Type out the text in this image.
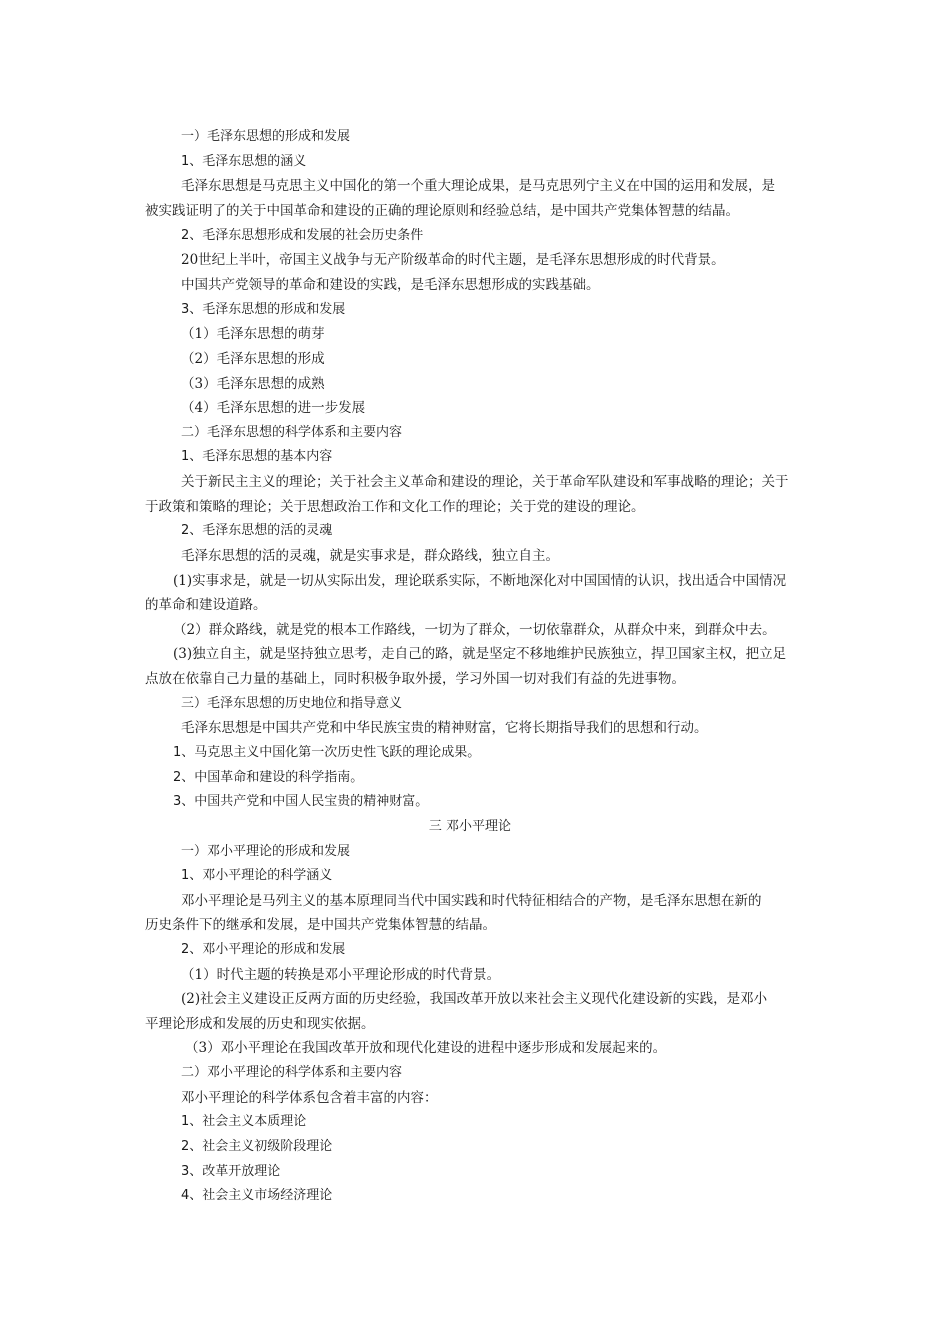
一）毛泽东思想的形成和发展
1、毛泽东思想的涵义
毛泽东思想是马克思主义中国化的第一个重大理论成果，是马克思列宁主义在中国的运用和发展，是
被实践证明了的关于中国革命和建设的正确的理论原则和经验总结，是中国共产党集体智慧的结晶。
2、毛泽东思想形成和发展的社会历史条件
20世纪上半叶，帝国主义战争与无产阶级革命的时代主题，是毛泽东思想形成的时代背景。
中国共产党领导的革命和建设的实践，是毛泽东思想形成的实践基础。
3、毛泽东思想的形成和发展
（1）毛泽东思想的萌芽
（2）毛泽东思想的形成
（3）毛泽东思想的成熟
（4）毛泽东思想的进一步发展
二）毛泽东思想的科学体系和主要内容
1、毛泽东思想的基本内容
关于新民主主义的理论；关于社会主义革命和建设的理论，关于革命军队建设和军事战略的理论；关于
于政策和策略的理论；关于思想政治工作和文化工作的理论；关于党的建设的理论。
2、毛泽东思想的活的灵魂
毛泽东思想的活的灵魂，就是实事求是，群众路线，独立自主。
(1)实事求是，就是一切从实际出发，理论联系实际，不断地深化对中国国情的认识，找出适合中国情况
的革命和建设道路。
（2）群众路线，就是党的根本工作路线，一切为了群众，一切依靠群众，从群众中来，到群众中去。
(3)独立自主，就是坚持独立思考，走自己的路，就是坚定不移地维护民族独立，捍卫国家主权，把立足
点放在依靠自己力量的基础上，同时积极争取外援，学习外国一切对我们有益的先进事物。
三）毛泽东思想的历史地位和指导意义
毛泽东思想是中国共产党和中华民族宝贵的精神财富，它将长期指导我们的思想和行动。
1、马克思主义中国化第一次历史性飞跃的理论成果。
2、中国革命和建设的科学指南。
3、中国共产党和中国人民宝贵的精神财富。
三 邓小平理论
一）邓小平理论的形成和发展
1、邓小平理论的科学涵义
邓小平理论是马列主义的基本原理同当代中国实践和时代特征相结合的产物，是毛泽东思想在新的
历史条件下的继承和发展，是中国共产党集体智慧的结晶。
2、邓小平理论的形成和发展
（1）时代主题的转换是邓小平理论形成的时代背景。
(2)社会主义建设正反两方面的历史经验，我国改革开放以来社会主义现代化建设新的实践，是邓小
平理论形成和发展的历史和现实依据。
（3）邓小平理论在我国改革开放和现代化建设的进程中逐步形成和发展起来的。
二）邓小平理论的科学体系和主要内容
邓小平理论的科学体系包含着丰富的内容：
1、社会主义本质理论
2、社会主义初级阶段理论
3、改革开放理论
4、社会主义市场经济理论
